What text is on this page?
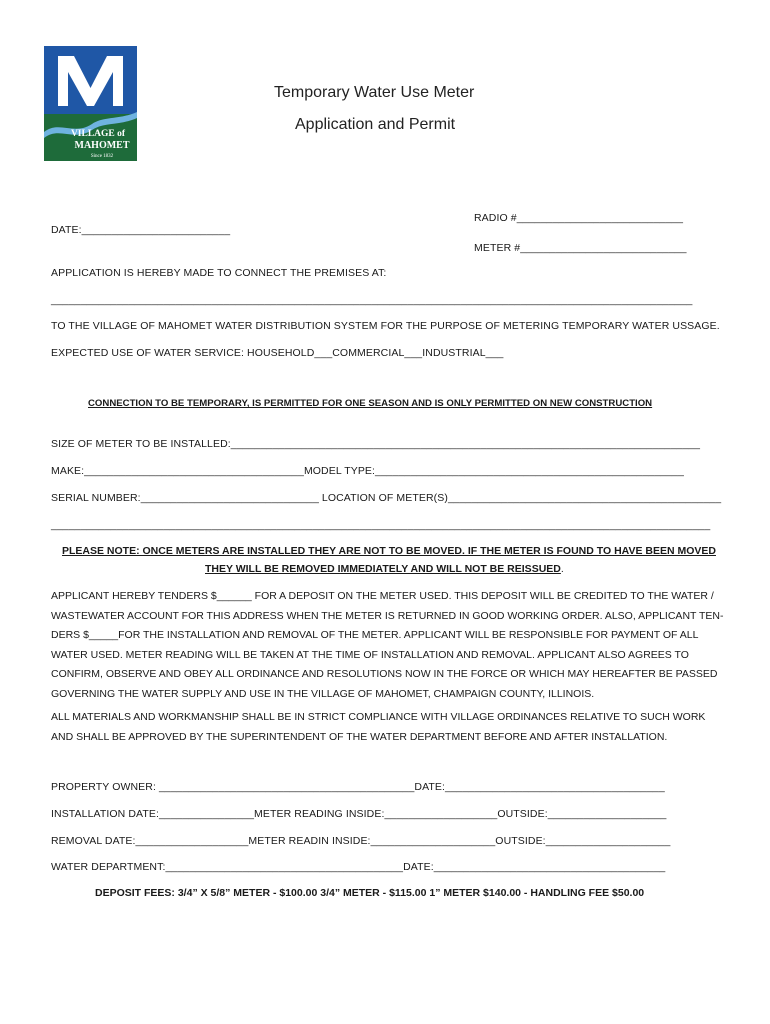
VILLAGE of
MAHOMET
Since 1832
Temporary Water Use Meter
Application and Permit
RADIO #____________________________
DATE:_________________________
METER #____________________________
APPLICATION IS HEREBY MADE TO CONNECT THE PREMISES AT:
____________________________________________________________________________________________________________
TO THE VILLAGE OF MAHOMET WATER DISTRIBUTION SYSTEM FOR THE PURPOSE OF METERING TEMPORARY WATER USSAGE.
EXPECTED USE OF WATER SERVICE: HOUSEHOLD___COMMERCIAL___INDUSTRIAL___
CONNECTION TO BE TEMPORARY, IS PERMITTED FOR ONE SEASON AND IS ONLY PERMITTED ON NEW CONSTRUCTION
SIZE OF METER TO BE INSTALLED:_______________________________________________________________________________
MAKE:_____________________________________MODEL TYPE:____________________________________________________
SERIAL NUMBER:______________________________ LOCATION OF METER(S)______________________________________________
_______________________________________________________________________________________________________________
PLEASE NOTE: ONCE METERS ARE INSTALLED THEY ARE NOT TO BE MOVED. IF THE METER IS FOUND TO HAVE BEEN MOVED
THEY WILL BE REMOVED IMMEDIATELY AND WILL NOT BE REISSUED.
APPLICANT HEREBY TENDERS $______ FOR A DEPOSIT ON THE METER USED. THIS DEPOSIT WILL BE CREDITED TO THE WATER /
WASTEWATER ACCOUNT FOR THIS ADDRESS WHEN THE METER IS RETURNED IN GOOD WORKING ORDER. ALSO, APPLICANT TEN-
DERS $_____FOR THE INSTALLATION AND REMOVAL OF THE METER. APPLICANT WILL BE RESPONSIBLE FOR PAYMENT OF ALL
WATER USED. METER READING WILL BE TAKEN AT THE TIME OF INSTALLATION AND REMOVAL. APPLICANT ALSO AGREES TO
CONFIRM, OBSERVE AND OBEY ALL ORDINANCE AND RESOLUTIONS NOW IN THE FORCE OR WHICH MAY HEREAFTER BE PASSED
GOVERNING THE WATER SUPPLY AND USE IN THE VILLAGE OF MAHOMET, CHAMPAIGN COUNTY, ILLINOIS.
ALL MATERIALS AND WORKMANSHIP SHALL BE IN STRICT COMPLIANCE WITH VILLAGE ORDINANCES RELATIVE TO SUCH WORK
AND SHALL BE APPROVED BY THE SUPERINTENDENT OF THE WATER DEPARTMENT BEFORE AND AFTER INSTALLATION.
PROPERTY OWNER: ___________________________________________DATE:_____________________________________
INSTALLATION DATE:________________METER READING INSIDE:___________________OUTSIDE:____________________
REMOVAL DATE:___________________METER READIN INSIDE:_____________________OUTSIDE:_____________________
WATER DEPARTMENT:________________________________________DATE:_______________________________________
DEPOSIT FEES: 3/4” X 5/8” METER - $100.00 3/4” METER - $115.00 1” METER $140.00 - HANDLING FEE $50.00
